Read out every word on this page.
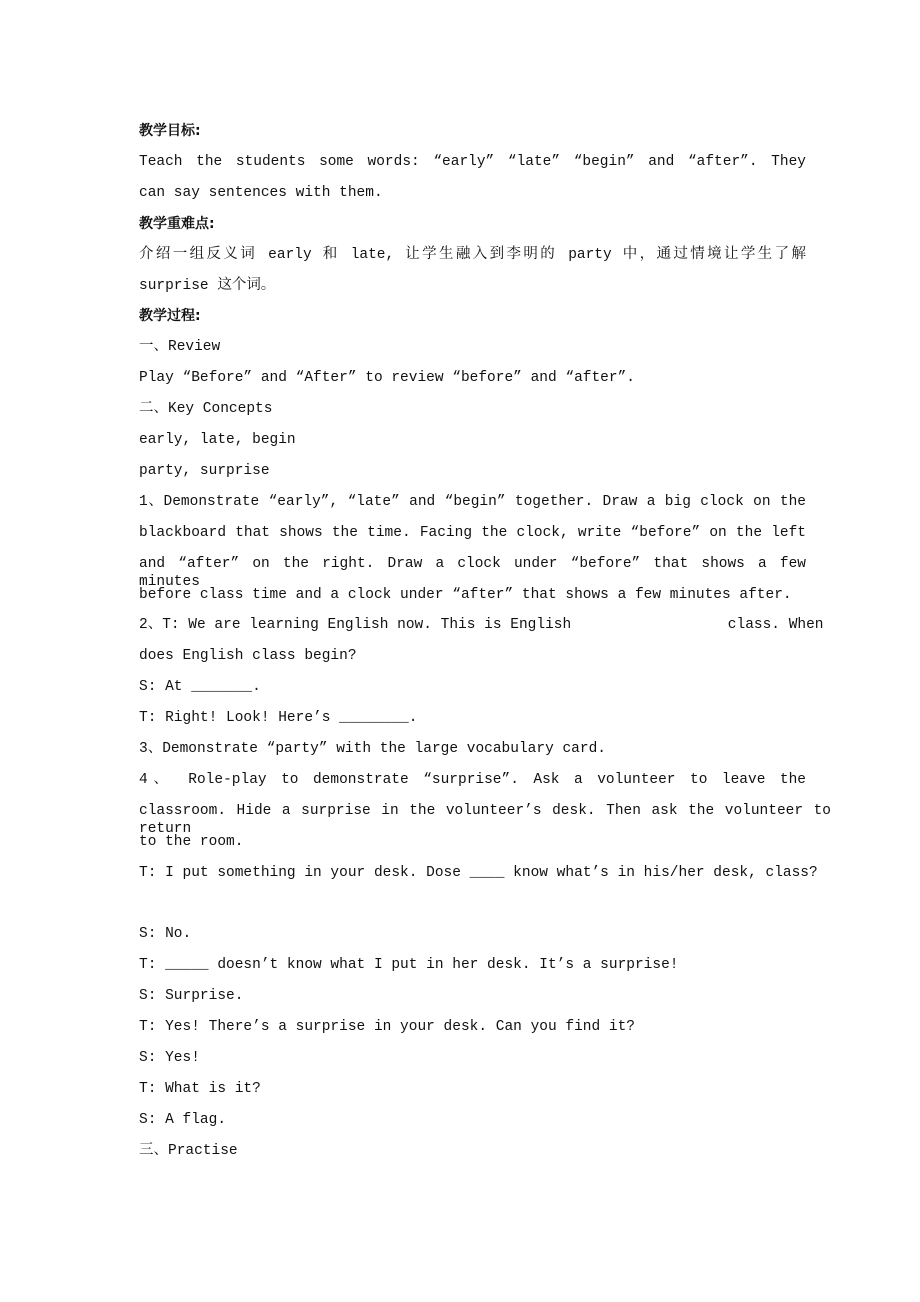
教学目标:
Teach the students some words: “early” “late” “begin” and “after”. They
can say sentences with them.
教学重难点:
介绍一组反义词 early 和 late, 让学生融入到李明的 party 中，通过情境让学生了解
surprise 这个词。
教学过程:
一、Review
Play “Before” and “After” to review “before” and “after”.
二、Key Concepts
early, late, begin
party, surprise
1、Demonstrate “early”, “late” and “begin” together. Draw a big clock on the
blackboard that shows the time. Facing the clock, write “before” on the left
and “after” on the right. Draw a clock under “before” that shows a few minutes
before class time and a clock under “after” that shows a few minutes after.
2、T: We are learning English now. This is English                  class. When
does English class begin?
S: At _______.
T: Right! Look! Here’s ________.
3、Demonstrate “party” with the large vocabulary card.
4、 Role-play to demonstrate “surprise”. Ask a volunteer to leave the
classroom. Hide a surprise in the volunteer’s desk. Then ask the volunteer to return
to the room.
T: I put something in your desk. Dose ____ know what’s in his/her desk, class?
S: No.
T: _____ doesn’t know what I put in her desk. It’s a surprise!
S: Surprise.
T: Yes! There’s a surprise in your desk. Can you find it?
S: Yes!
T: What is it?
S: A flag.
三、Practise
